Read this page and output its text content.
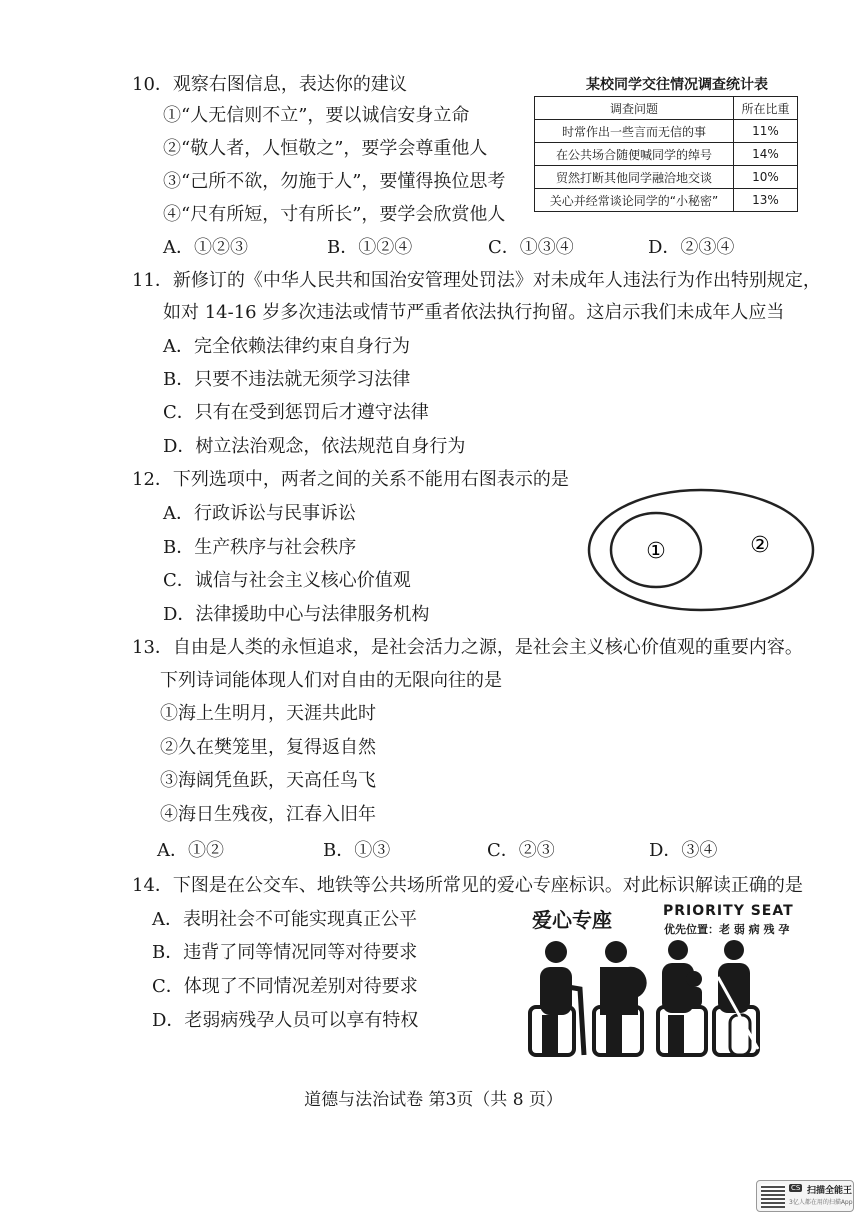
10．观察右图信息，表达你的建议
①“人无信则不立”，要以诚信安身立命
②“敬人者，人恒敬之”，要学会尊重他人
③“己所不欲，勿施于人”，要懂得换位思考
④“尺有所短，寸有所长”，要学会欣赏他人
A．①②③	B．①②④	C．①③④	D．②③④
某校同学交往情况调查统计表
调查问题	所在比重
时常作出一些言而无信的事	11%
在公共场合随便喊同学的绰号	14%
贸然打断其他同学融洽地交谈	10%
关心并经常谈论同学的“小秘密”	13%
11．新修订的《中华人民共和国治安管理处罚法》对未成年人违法行为作出特别规定，
如对 14-16 岁多次违法或情节严重者依法执行拘留。这启示我们未成年人应当
A．完全依赖法律约束自身行为
B．只要不违法就无须学习法律
C．只有在受到惩罚后才遵守法律
D．树立法治观念，依法规范自身行为
12．下列选项中，两者之间的关系不能用右图表示的是
A．行政诉讼与民事诉讼
B．生产秩序与社会秩序
C．诚信与社会主义核心价值观
D．法律援助中心与法律服务机构
①	②
13．自由是人类的永恒追求，是社会活力之源，是社会主义核心价值观的重要内容。
下列诗词能体现人们对自由的无限向往的是
①海上生明月，天涯共此时
②久在樊笼里，复得返自然
③海阔凭鱼跃，天高任鸟飞
④海日生残夜，江春入旧年
A．①②	B．①③	C．②③	D．③④
14．下图是在公交车、地铁等公共场所常见的爱心专座标识。对此标识解读正确的是
A．表明社会不可能实现真正公平
B．违背了同等情况同等对待要求
C．体现了不同情况差别对待要求
D．老弱病残孕人员可以享有特权
爱心专座	PRIORITY SEAT
优先位置：老 弱 病 残 孕
道德与法治试卷 第3页（共 8 页）
CS 扫描全能王
3亿人都在用的扫描App
